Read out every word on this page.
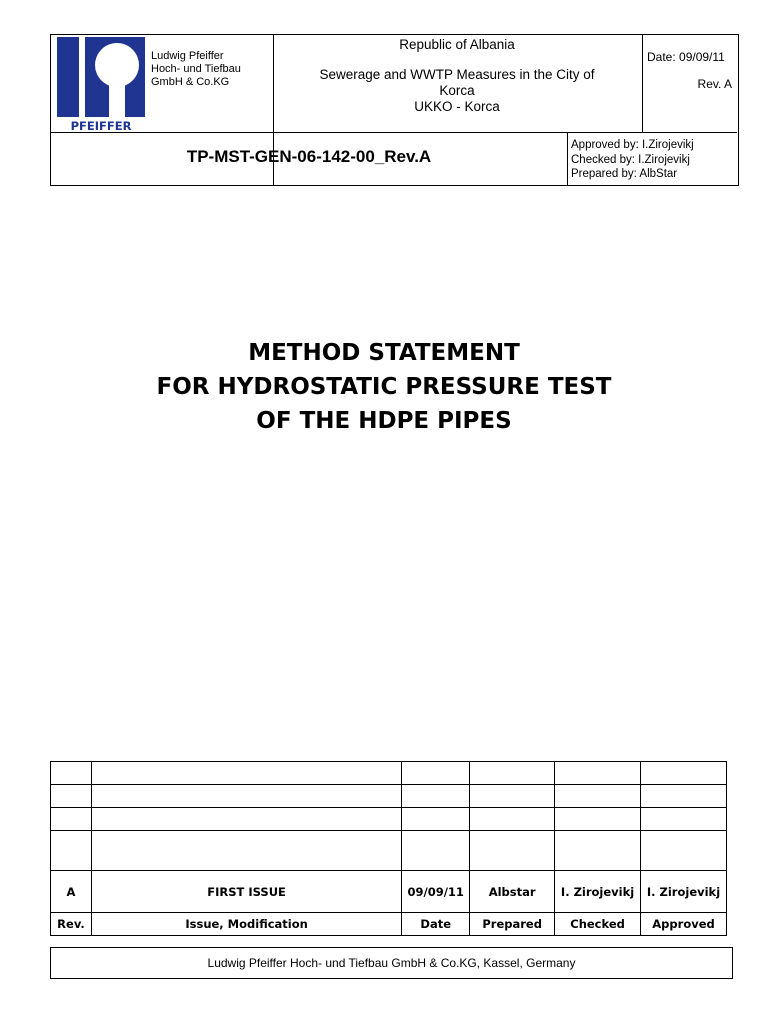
PFEIFFER
Ludwig Pfeiffer
Hoch- und Tiefbau
GmbH & Co.KG
Republic of Albania
Sewerage and WWTP Measures in the City of
Korca
UKKO - Korca
Date: 09/09/11
Rev. A
TP-MST-GEN-06-142-00_Rev.A
Approved by: I.Zirojevikj
Checked by: I.Zirojevikj
Prepared by: AlbStar
METHOD STATEMENT
FOR HYDROSTATIC PRESSURE TEST
OF THE HDPE PIPES

A	FIRST ISSUE	09/09/11	Albstar	I. Zirojevikj	I. Zirojevikj
Rev.	Issue, Modification	Date	Prepared	Checked	Approved
Ludwig Pfeiffer Hoch- und Tiefbau GmbH & Co.KG, Kassel, Germany
